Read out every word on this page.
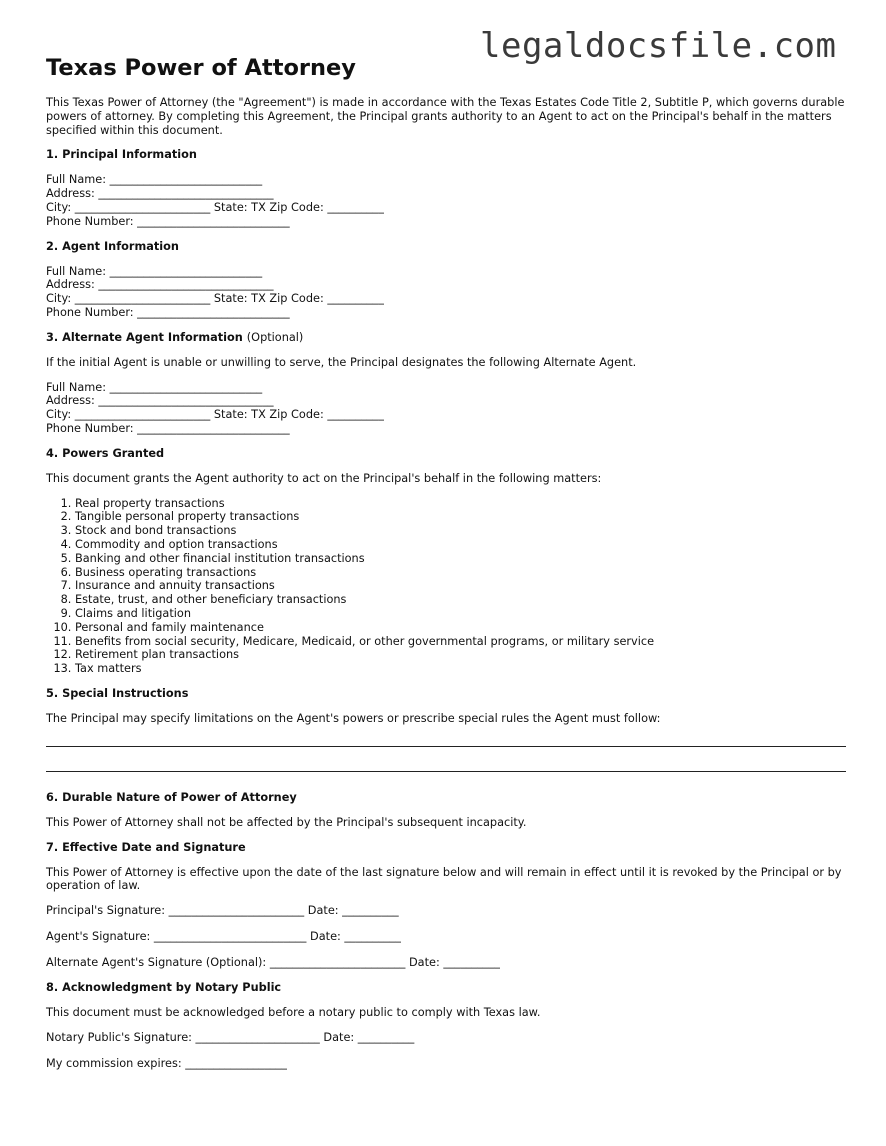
legaldocsfile.com
Texas Power of Attorney

This Texas Power of Attorney (the "Agreement") is made in accordance with the Texas Estates Code Title 2, Subtitle P, which governs durable powers of attorney. By completing this Agreement, the Principal grants authority to an Agent to act on the Principal's behalf in the matters specified within this document.

1. Principal Information
Full Name: ___________________________
Address: _______________________________
City: ________________________ State: TX Zip Code: __________
Phone Number: ___________________________
2. Agent Information
Full Name: ___________________________
Address: _______________________________
City: ________________________ State: TX Zip Code: __________
Phone Number: ___________________________
3. Alternate Agent Information (Optional)

If the initial Agent is unable or unwilling to serve, the Principal designates the following Alternate Agent.

Full Name: ___________________________
Address: _______________________________
City: ________________________ State: TX Zip Code: __________
Phone Number: ___________________________
4. Powers Granted

This document grants the Agent authority to act on the Principal's behalf in the following matters:

1. Real property transactions
2. Tangible personal property transactions
3. Stock and bond transactions
4. Commodity and option transactions
5. Banking and other financial institution transactions
6. Business operating transactions
7. Insurance and annuity transactions
8. Estate, trust, and other beneficiary transactions
9. Claims and litigation
10. Personal and family maintenance
11. Benefits from social security, Medicare, Medicaid, or other governmental programs, or military service
12. Retirement plan transactions
13. Tax matters
5. Special Instructions

The Principal may specify limitations on the Agent's powers or prescribe special rules the Agent must follow:

6. Durable Nature of Power of Attorney

This Power of Attorney shall not be affected by the Principal's subsequent incapacity.

7. Effective Date and Signature

This Power of Attorney is effective upon the date of the last signature below and will remain in effect until it is revoked by the Principal or by operation of law.

Principal's Signature: ________________________ Date: __________
Agent's Signature: ___________________________ Date: __________
Alternate Agent's Signature (Optional): ________________________ Date: __________
8. Acknowledgment by Notary Public

This document must be acknowledged before a notary public to comply with Texas law.

Notary Public's Signature: ______________________ Date: __________
My commission expires: __________________
